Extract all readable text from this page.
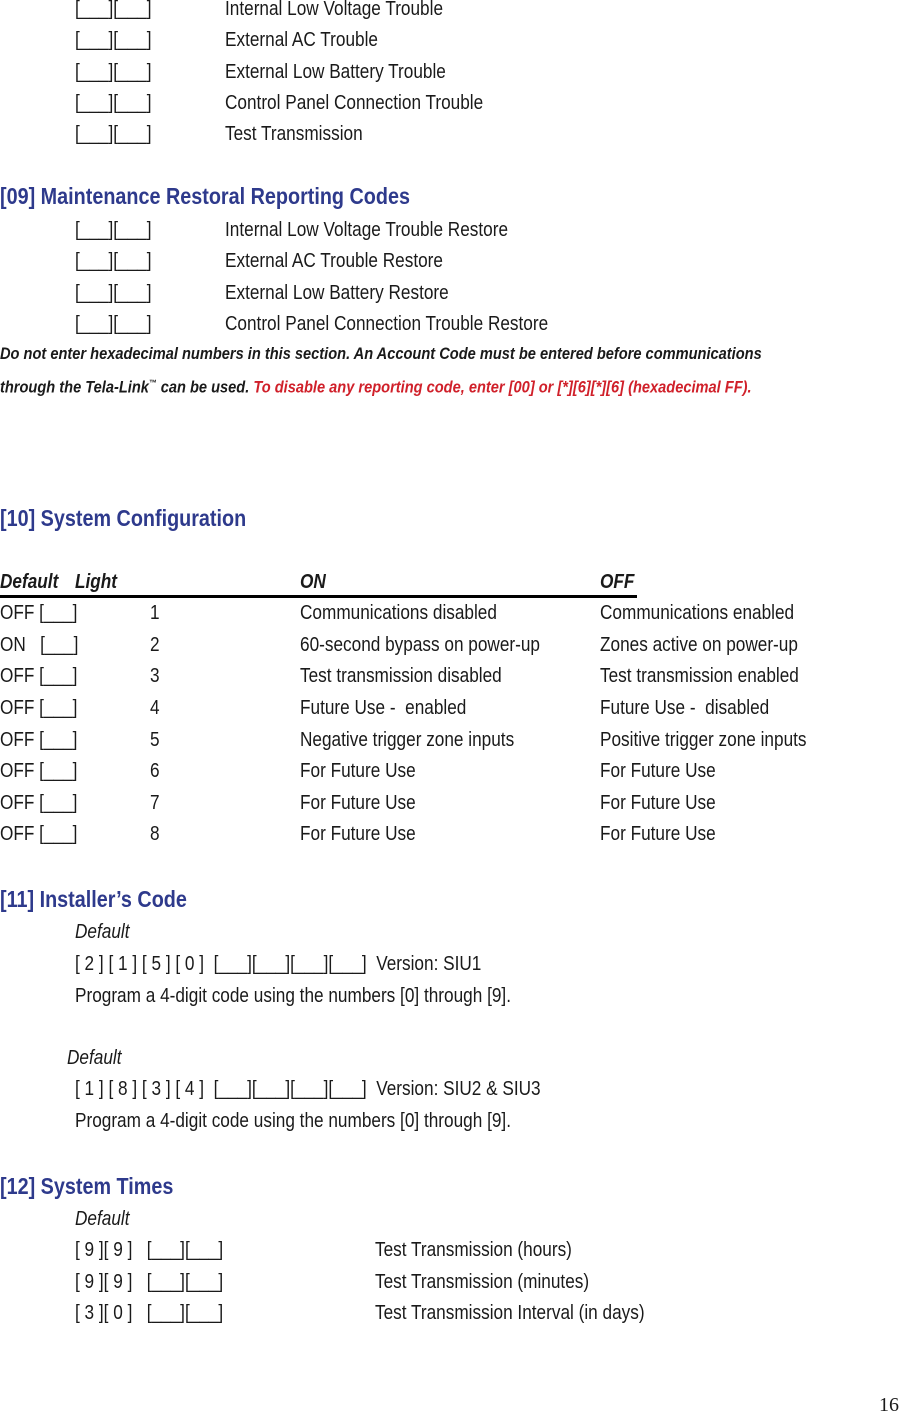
[___][___]	Internal Low Voltage Trouble
[___][___]	External AC Trouble
[___][___]	External Low Battery Trouble
[___][___]	Control Panel Connection Trouble
[___][___]	Test Transmission
[09] Maintenance Restoral Reporting Codes
[___][___]	Internal Low Voltage Trouble Restore
[___][___]	External AC Trouble Restore
[___][___]	External Low Battery Restore
[___][___]	Control Panel Connection Trouble Restore
Do not enter hexadecimal numbers in this section. An Account Code must be entered before communications
through the Tela-Link™ can be used. To disable any reporting code, enter [00] or [*][6][*][6] (hexadecimal FF).
[10] System Configuration
Default Light	ON	OFF
OFF [___]	1	Communications disabled	Communications enabled
ON   [___]	2	60-second bypass on power-up	Zones active on power-up
OFF [___]	3	Test transmission disabled	Test transmission enabled
OFF [___]	4	Future Use -  enabled	Future Use -  disabled
OFF [___]	5	Negative trigger zone inputs	Positive trigger zone inputs
OFF [___]	6	For Future Use	For Future Use
OFF [___]	7	For Future Use	For Future Use
OFF [___]	8	For Future Use	For Future Use
[11] Installer’s Code
Default
[ 2 ] [ 1 ] [ 5 ] [ 0 ]  [___][___][___][___]  Version: SIU1
Program a 4-digit code using the numbers [0] through [9].
Default
[ 1 ] [ 8 ] [ 3 ] [ 4 ]  [___][___][___][___]  Version: SIU2 & SIU3
Program a 4-digit code using the numbers [0] through [9].
[12] System Times
Default
[ 9 ][ 9 ]   [___][___]	Test Transmission (hours)
[ 9 ][ 9 ]   [___][___]	Test Transmission (minutes)
[ 3 ][ 0 ]   [___][___]	Test Transmission Interval (in days)
16
